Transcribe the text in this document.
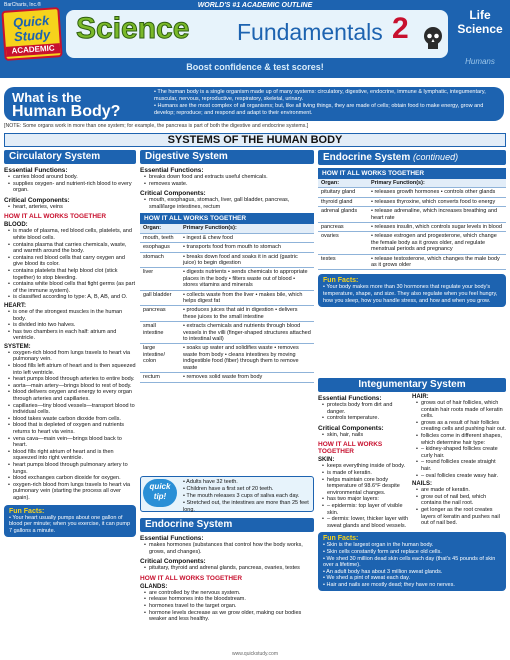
BarCharts, Inc.®	WORLD'S #1 ACADEMIC OUTLINE
Quick
Study
ACADEMIC
Science Fundamentals 2	Life Science
Humans
Boost confidence & test scores!
What is the
Human Body?
• The human body is a single organism made up of many systems: circulatory, digestive, endocrine, immune & lymphatic, integumentary, muscular, nervous, reproductive, respiratory, skeletal, urinary.
• Humans are the most complex of all organisms; but, like all living things, they are made of cells; obtain food to make energy, grow and develop; reproduce; and respond and adapt to their environment.
[NOTE: Some organs work in more than one system; for example, the pancreas is part of both the digestive and endocrine systems.]
SYSTEMS OF THE HUMAN BODY
Circulatory System
Essential Functions:
• carries blood around body.
• supplies oxygen- and nutrient-rich blood to every organ.
Critical Components:
• heart, arteries, veins
HOW IT ALL WORKS TOGETHER
BLOOD:
• is made of plasma, red blood cells, platelets, and white blood cells.
• contains plasma that carries chemicals, waste, and warmth around the body.
• contains red blood cells that carry oxygen and give blood its color.
• contains platelets that help blood clot (stick together) to stop bleeding.
• contains white blood cells that fight germs (as part of the immune system).
• is classified according to type: A, B, AB, and O.
HEART:
• is one of the strongest muscles in the human body.
• is divided into two halves.
• has two chambers in each half: atrium and ventricle.
SYSTEM:
• oxygen-rich blood from lungs travels to heart via pulmonary vein.
• blood fills left atrium of heart and is then squeezed into left ventricle.
• heart pumps blood through arteries to entire body.
• aorta—main artery—brings blood to rest of body.
• blood delivers oxygen and energy to every organ through arteries and capillaries.
• capillaries—tiny blood vessels—transport blood to individual cells.
• blood takes waste carbon dioxide from cells.
• blood that is depleted of oxygen and nutrients returns to heart via veins.
• vena cava—main vein—brings blood back to heart.
• blood fills right atrium of heart and is then squeezed into right ventricle.
• heart pumps blood through pulmonary artery to lungs.
• blood exchanges carbon dioxide for oxygen.
• oxygen-rich blood from lungs travels to heart via pulmonary vein (starting the process all over again).
Fun Facts:
• Your heart usually pumps about one gallon of blood per minute; when you exercise, it can pump 7 gallons a minute.
Digestive System
Essential Functions:
• breaks down food and extracts useful chemicals.
• removes waste.
Critical Components:
• mouth, esophagus, stomach, liver, gall bladder, pancreas, small/large intestines, rectum
HOW IT ALL WORKS TOGETHER
Organ:	Primary Function(s):
mouth, teeth	• ingest & chew food
esophagus	• transports food from mouth to stomach
stomach	• breaks down food and soaks it in acid (gastric juice) to begin digestion
liver	• digests nutrients • sends chemicals to appropriate places in the body • filters waste out of blood • stores vitamins and minerals
gall bladder	• collects waste from the liver • makes bile, which helps digest fat
pancreas	• produces juices that aid in digestion • delivers these juices to the small intestine
small intestine	• extracts chemicals and nutrients through blood vessels in the villi (finger-shaped structures attached to intestinal wall)
large intestine/ colon	• soaks up water and solidifies waste • removes waste from body • cleans intestines by moving indigestible food (fiber) through them to remove waste
rectum	• removes solid waste from body
quick
tip!
• Adults have 32 teeth.
• Children have a first set of 20 teeth.
• The mouth releases 3 cups of saliva each day.
• Stretched out, the intestines are more than 25 feet long.
Endocrine System
Essential Functions:
• makes hormones (substances that control how the body works, grows, and changes).
Critical Components:
• pituitary, thyroid and adrenal glands, pancreas, ovaries, testes
HOW IT ALL WORKS TOGETHER
GLANDS:
• are controlled by the nervous system.
• release hormones into the bloodstream.
• hormones travel to the target organ.
• hormone levels decrease as we grow older, making our bodies weaker and less healthy.
Endocrine System (continued)
HOW IT ALL WORKS TOGETHER
Organ:	Primary Function(s):
pituitary gland	• releases growth hormones • controls other glands
thyroid gland	• releases thyroxine, which converts food to energy
adrenal glands	• release adrenaline, which increases breathing and heart rate
pancreas	• releases insulin, which controls sugar levels in blood
ovaries	• release estrogen and progesterone, which change the female body as it grows older, and regulate menstrual periods and pregnancy
testes	• release testosterone, which changes the male body as it grows older
Fun Facts:
• Your body makes more than 30 hormones that regulate your body's temperature, shape, and size. They also regulate when you feel hungry, how you sleep, how you handle stress, and how and when you grow.
Integumentary System
Essential Functions:
• protects body from dirt and danger.
• controls temperature.
Critical Components:
• skin, hair, nails
HOW IT ALL WORKS TOGETHER
SKIN:
• keeps everything inside of body.
• is made of keratin.
• helps maintain core body temperature of 98.6°F despite environmental changes.
• has two major layers:
• – epidermis: top layer of visible skin.
• – dermis: lower, thicker layer with sweat glands and blood vessels.
HAIR:
• grows out of hair follicles, which contain hair roots made of keratin cells.
• grows as a result of hair follicles creating cells and pushing hair out.
• follicles come in different shapes, which determine hair type:
• – kidney-shaped follicles create curly hair.
• – round follicles create straight hair.
• – oval follicles create wavy hair.
NAILS:
• are made of keratin.
• grow out of nail bed, which contains the nail root.
• get longer as the root creates layers of keratin and pushes nail out of nail bed.
Fun Facts:
• Skin is the largest organ in the human body.
• Skin cells constantly form and replace old cells.
• We shed 30 million dead skin cells each day (that's 45 pounds of skin over a lifetime).
• An adult body has about 3 million sweat glands.
• We shed a pint of sweat each day.
• Hair and nails are mostly dead; they have no nerves.
www.quickstudy.com
